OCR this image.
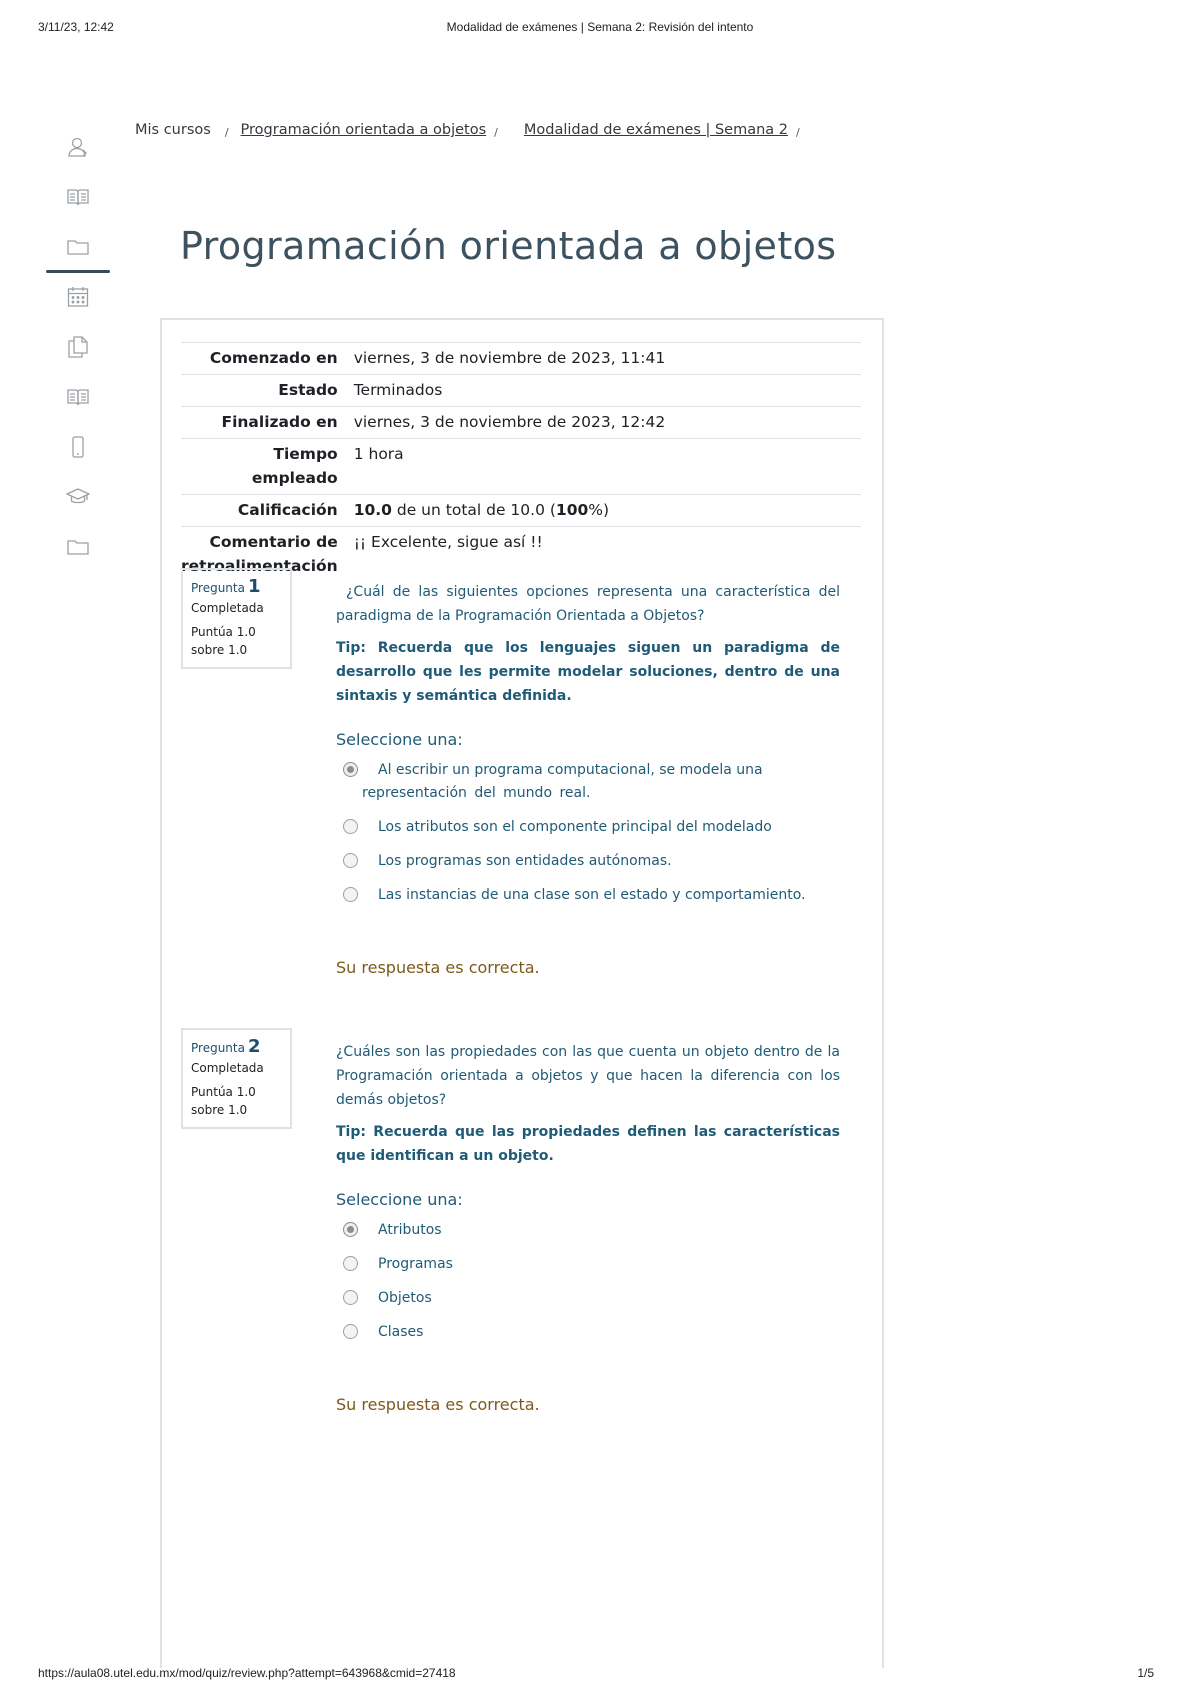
3/11/23, 12:42	Modalidad de exámenes | Semana 2: Revisión del intento
Mis cursos / Programación orientada a objetos / Modalidad de exámenes | Semana 2 /
Programación orientada a objetos
Comenzado en	viernes, 3 de noviembre de 2023, 11:41
Estado	Terminados
Finalizado en	viernes, 3 de noviembre de 2023, 12:42
Tiempo
empleado	1 hora
Calificación	10.0 de un total de 10.0 (100%)
Comentario de
retroalimentación	¡¡ Excelente, sigue así !!
Pregunta 1
Completada
Puntúa 1.0
sobre 1.0

¿Cuál de las siguientes opciones representa una característica del paradigma de la Programación Orientada a Objetos?

Tip: Recuerda que los lenguajes siguen un paradigma de desarrollo que les permite modelar soluciones, dentro de una sintaxis y semántica definida.

Seleccione una:

Al escribir un programa computacional, se modela una
representación del mundo real.
Los atributos son el componente principal del modelado
Los programas son entidades autónomas.
Las instancias de una clase son el estado y comportamiento.

Su respuesta es correcta.

Pregunta 2
Completada
Puntúa 1.0
sobre 1.0

¿Cuáles son las propiedades con las que cuenta un objeto dentro de la Programación orientada a objetos y que hacen la diferencia con los demás objetos?

Tip: Recuerda que las propiedades definen las características que identifican a un objeto.

Seleccione una:

Atributos
Programas
Objetos
Clases

Su respuesta es correcta.

https://aula08.utel.edu.mx/mod/quiz/review.php?attempt=643968&cmid=27418	1/5
